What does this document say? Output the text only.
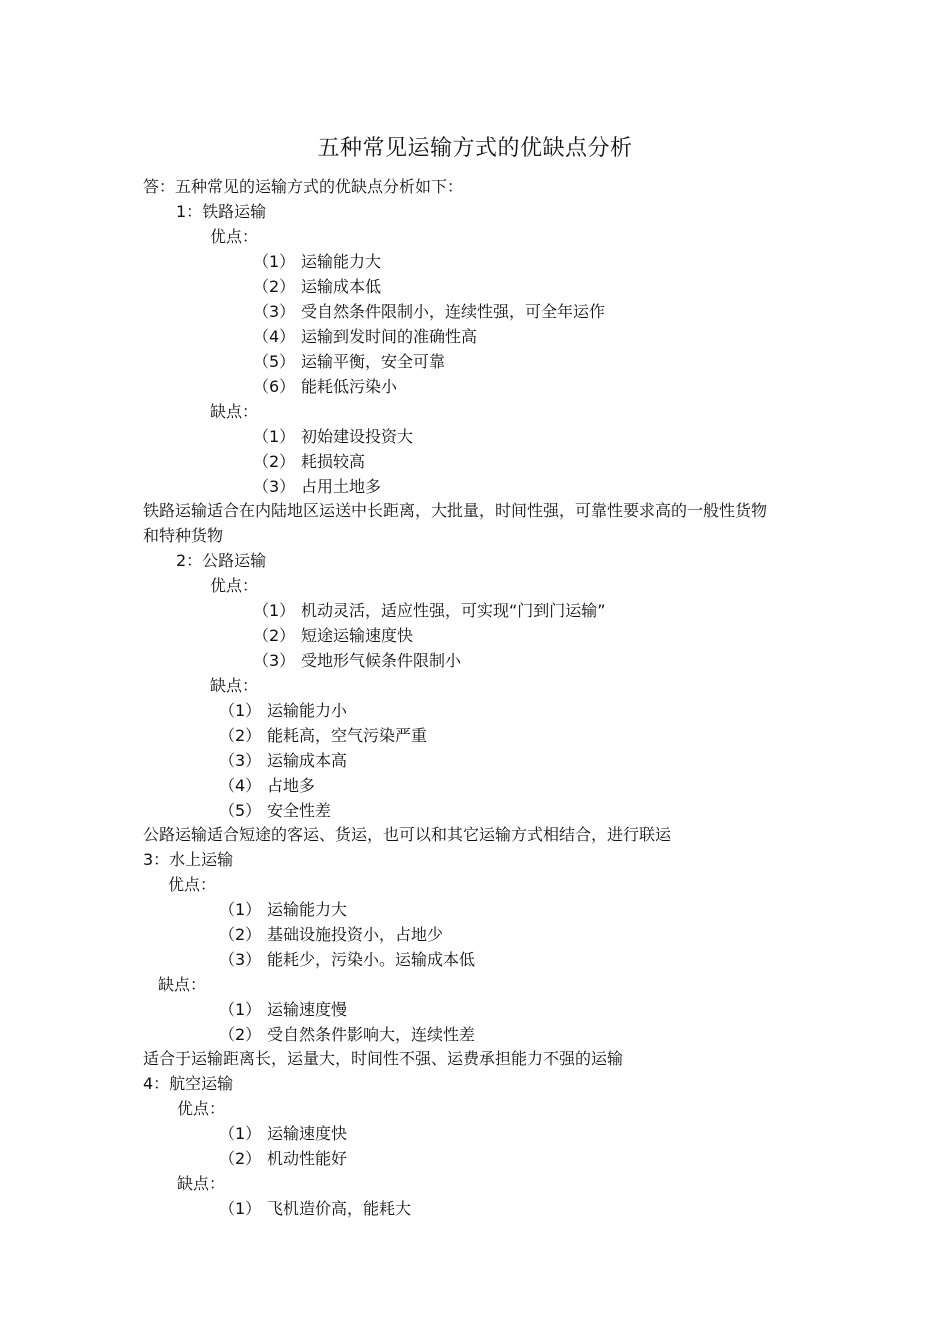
五种常见运输方式的优缺点分析
答：五种常见的运输方式的优缺点分析如下：
1：铁路运输
优点：
（1） 运输能力大
（2） 运输成本低
（3） 受自然条件限制小，连续性强，可全年运作
（4） 运输到发时间的准确性高
（5） 运输平衡，安全可靠
（6） 能耗低污染小
缺点：
（1） 初始建设投资大
（2） 耗损较高
（3） 占用土地多
铁路运输适合在内陆地区运送中长距离，大批量，时间性强，可靠性要求高的一般性货物
和特种货物
2：公路运输
优点：
（1） 机动灵活，适应性强，可实现“门到门运输”
（2） 短途运输速度快
（3） 受地形气候条件限制小
缺点：
（1） 运输能力小
（2） 能耗高，空气污染严重
（3） 运输成本高
（4） 占地多
（5） 安全性差
公路运输适合短途的客运、货运，也可以和其它运输方式相结合，进行联运
3：水上运输
优点：
（1） 运输能力大
（2） 基础设施投资小，占地少
（3） 能耗少，污染小。运输成本低
缺点：
（1） 运输速度慢
（2） 受自然条件影响大，连续性差
适合于运输距离长，运量大，时间性不强、运费承担能力不强的运输
4：航空运输
优点：
（1） 运输速度快
（2） 机动性能好
缺点：
（1） 飞机造价高，能耗大
